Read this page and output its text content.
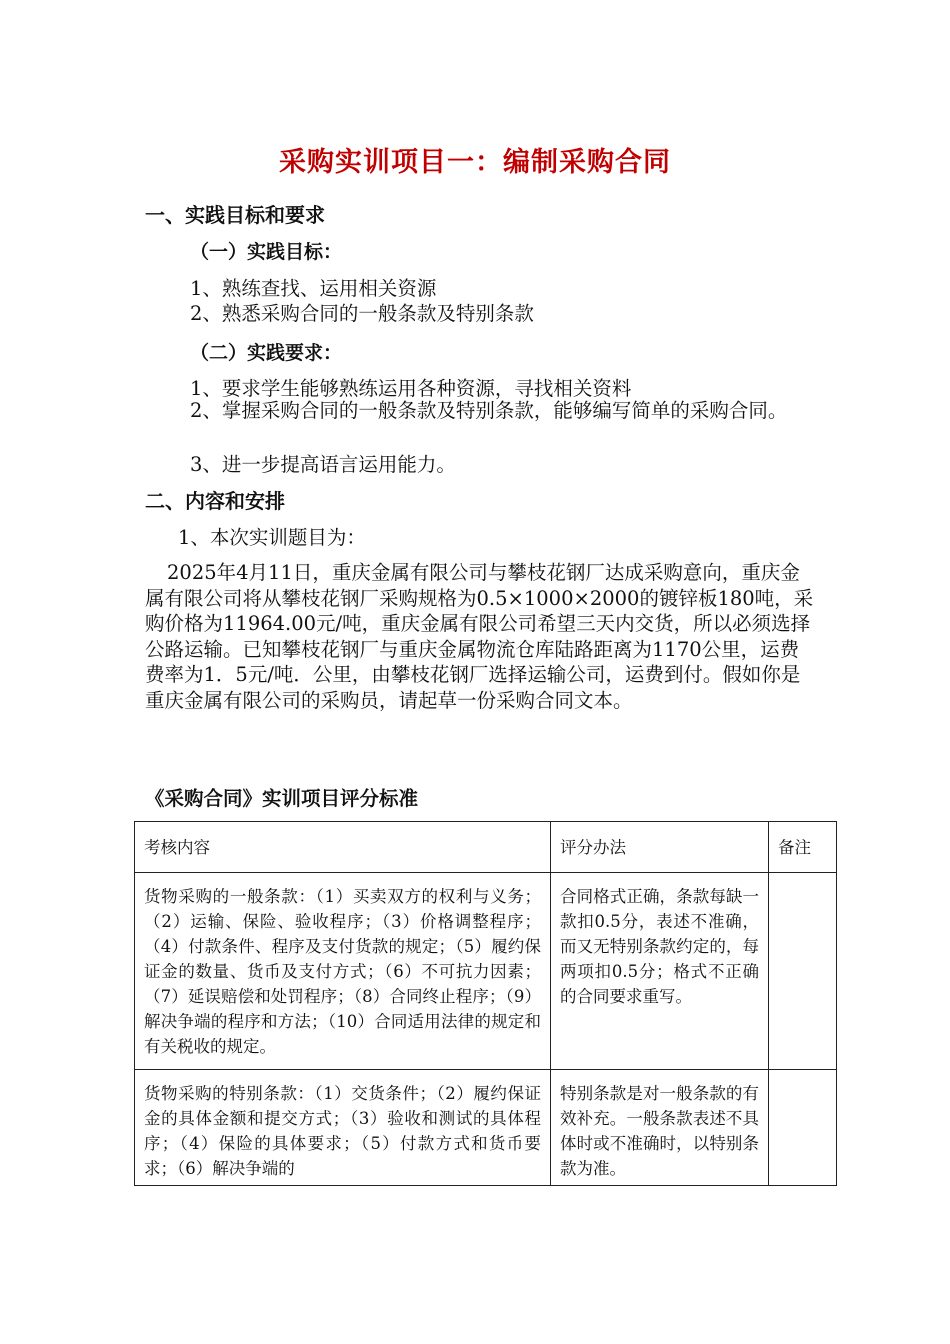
采购实训项目一：编制采购合同
一、实践目标和要求
（一）实践目标：
1、熟练查找、运用相关资源
2、熟悉采购合同的一般条款及特别条款
（二）实践要求：
1、要求学生能够熟练运用各种资源，寻找相关资料
2、掌握采购合同的一般条款及特别条款，能够编写简单的采购合同。
3、进一步提高语言运用能力。
二、内容和安排
1、本次实训题目为：
2025年4月11日，重庆金属有限公司与攀枝花钢厂达成采购意向，重庆金属有限公司将从攀枝花钢厂采购规格为0.5×1000×2000的镀锌板180吨，采购价格为11964.00元/吨，重庆金属有限公司希望三天内交货，所以必须选择公路运输。已知攀枝花钢厂与重庆金属物流仓库陆路距离为1170公里，运费费率为1．5元/吨．公里，由攀枝花钢厂选择运输公司，运费到付。假如你是重庆金属有限公司的采购员，请起草一份采购合同文本。
《采购合同》实训项目评分标准
考核内容	评分办法	备注
货物采购的一般条款：（1）买卖双方的权利与义务；（2）运输、保险、验收程序；（3）价格调整程序；（4）付款条件、程序及支付货款的规定；（5）履约保证金的数量、货币及支付方式；（6）不可抗力因素；（7）延误赔偿和处罚程序；（8）合同终止程序；（9）解决争端的程序和方法；（10）合同适用法律的规定和有关税收的规定。	合同格式正确，条款每缺一款扣0.5分，表述不准确，而又无特别条款约定的，每两项扣0.5分；格式不正确的合同要求重写。	
货物采购的特别条款：（1）交货条件；（2）履约保证金的具体金额和提交方式；（3）验收和测试的具体程序；（4）保险的具体要求；（5）付款方式和货币要求；（6）解决争端的	特别条款是对一般条款的有效补充。一般条款表述不具体时或不准确时，以特别条款为准。	
